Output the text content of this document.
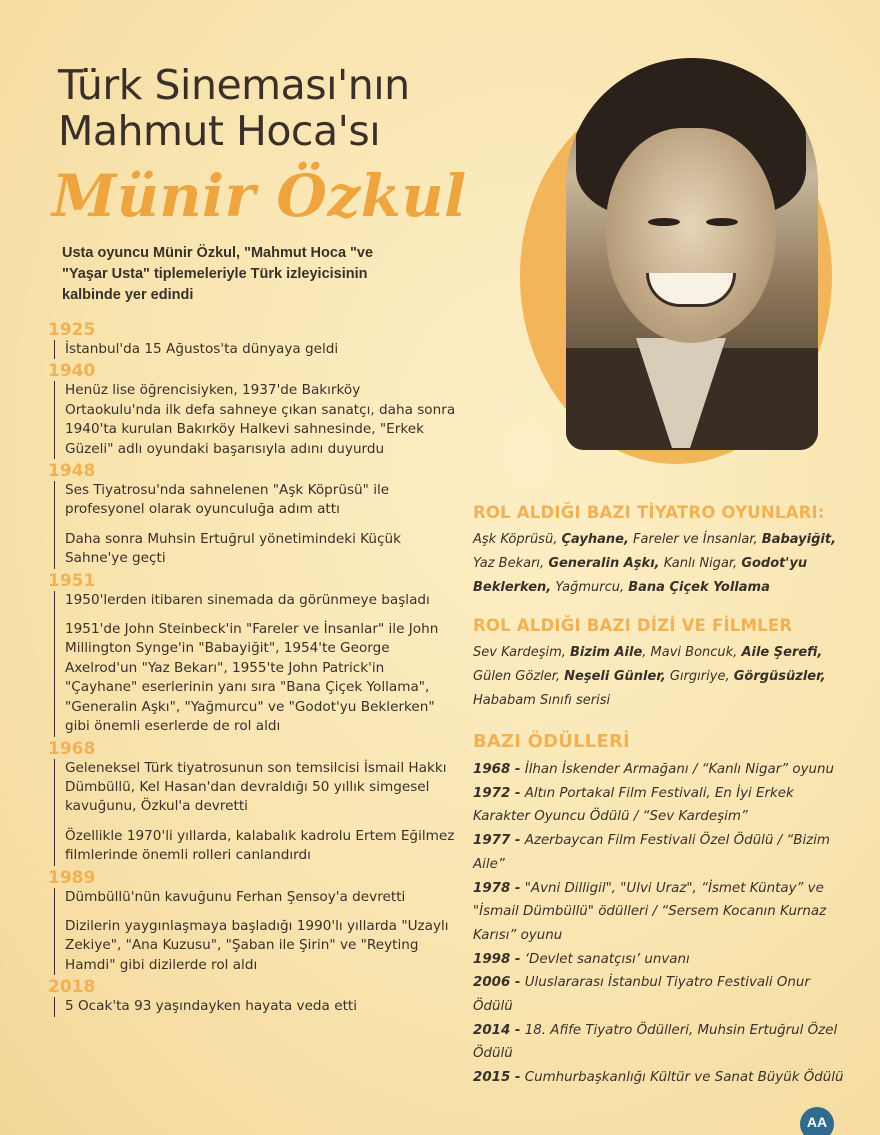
Türk Sineması'nın
Mahmut Hoca'sı
Münir Özkul

Usta oyuncu Münir Özkul, "Mahmut Hoca "ve "Yaşar Usta" tiplemeleriyle Türk izleyicisinin kalbinde yer edindi

1925

İstanbul'da 15 Ağustos'ta dünyaya geldi

1940

Henüz lise öğrencisiyken, 1937'de Bakırköy Ortaokulu'nda ilk defa sahneye çıkan sanatçı, daha sonra 1940'ta kurulan Bakırköy Halkevi sahnesinde, "Erkek Güzeli" adlı oyundaki başarısıyla adını duyurdu

1948

Ses Tiyatrosu'nda sahnelenen "Aşk Köprüsü" ile profesyonel olarak oyunculuğa adım attı

Daha sonra Muhsin Ertuğrul yönetimindeki Küçük Sahne'ye geçti

1951

1950'lerden itibaren sinemada da görünmeye başladı

1951'de John Steinbeck'in "Fareler ve İnsanlar" ile John Millington Synge'in "Babayiğit", 1954'te George Axelrod'un "Yaz Bekarı", 1955'te John Patrick'in "Çayhane" eserlerinin yanı sıra "Bana Çiçek Yollama", "Generalin Aşkı", "Yağmurcu" ve "Godot'yu Beklerken" gibi önemli eserlerde de rol aldı

1968

Geleneksel Türk tiyatrosunun son temsilcisi İsmail Hakkı Dümbüllü, Kel Hasan'dan devraldığı 50 yıllık simgesel kavuğunu, Özkul'a devretti

Özellikle 1970'li yıllarda, kalabalık kadrolu Ertem Eğilmez filmlerinde önemli rolleri canlandırdı

1989

Dümbüllü'nün kavuğunu Ferhan Şensoy'a devretti

Dizilerin yaygınlaşmaya başladığı 1990'lı yıllarda "Uzaylı Zekiye", "Ana Kuzusu", "Şaban ile Şirin" ve "Reyting Hamdi" gibi dizilerde rol aldı

2018

5 Ocak'ta 93 yaşındayken hayata veda etti

ROL ALDIĞI BAZI TİYATRO OYUNLARI:

Aşk Köprüsü, Çayhane, Fareler ve İnsanlar, Babayiğit, Yaz Bekarı, Generalin Aşkı, Kanlı Nigar, Godot'yu Beklerken, Yağmurcu, Bana Çiçek Yollama

ROL ALDIĞI BAZI DİZİ VE FİLMLER

Sev Kardeşim, Bizim Aile, Mavi Boncuk, Aile Şerefi, Gülen Gözler, Neşeli Günler, Gırgıriye, Görgüsüzler, Hababam Sınıfı serisi

BAZI ÖDÜLLERİ
1968 - İlhan İskender Armağanı / “Kanlı Nigar” oyunu
1972 - Altın Portakal Film Festivali, En İyi Erkek Karakter Oyuncu Ödülü / “Sev Kardeşim”
1977 - Azerbaycan Film Festivali Özel Ödülü / “Bizim Aile”
1978 - "Avni Dilligil", "Ulvi Uraz", “İsmet Küntay” ve "İsmail Dümbüllü" ödülleri / “Sersem Kocanın Kurnaz Karısı” oyunu
1998 - ‘Devlet sanatçısı’ unvanı
2006 - Uluslararası İstanbul Tiyatro Festivali Onur Ödülü
2014 - 18. Afife Tiyatro Ödülleri, Muhsin Ertuğrul Özel Ödülü
2015 - Cumhurbaşkanlığı Kültür ve Sanat Büyük Ödülü
AA
